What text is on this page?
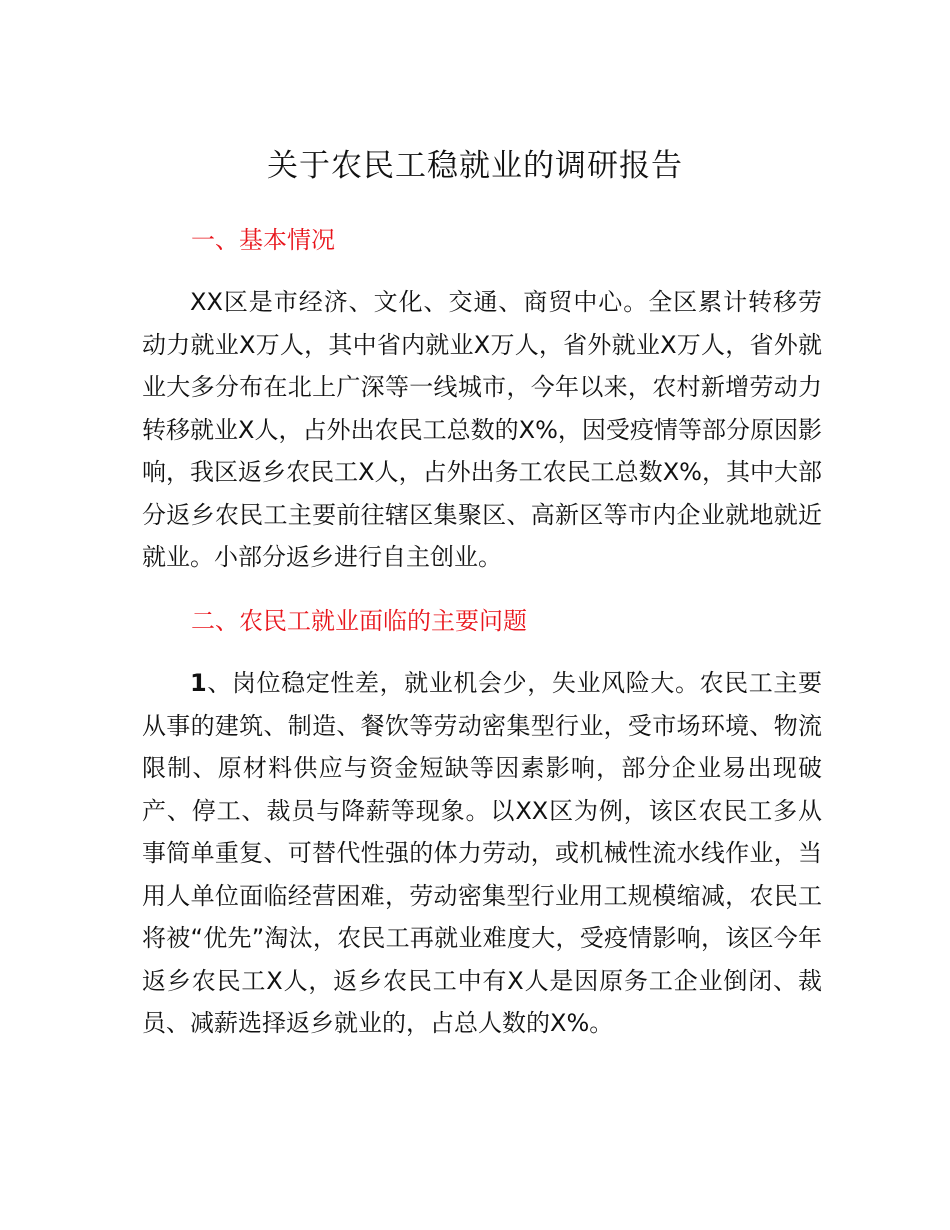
关于农民工稳就业的调研报告
一、基本情况

XX区是市经济、文化、交通、商贸中心。全区累计转移劳动力就业X万人，其中省内就业X万人，省外就业X万人，省外就业大多分布在北上广深等一线城市，今年以来，农村新增劳动力转移就业X人，占外出农民工总数的X%，因受疫情等部分原因影响，我区返乡农民工X人，占外出务工农民工总数X%，其中大部分返乡农民工主要前往辖区集聚区、高新区等市内企业就地就近就业。小部分返乡进行自主创业。

二、农民工就业面临的主要问题

1、岗位稳定性差，就业机会少，失业风险大。农民工主要从事的建筑、制造、餐饮等劳动密集型行业，受市场环境、物流限制、原材料供应与资金短缺等因素影响，部分企业易出现破产、停工、裁员与降薪等现象。以XX区为例，该区农民工多从事简单重复、可替代性强的体力劳动，或机械性流水线作业，当用人单位面临经营困难，劳动密集型行业用工规模缩减，农民工将被“优先”淘汰，农民工再就业难度大，受疫情影响，该区今年返乡农民工X人，返乡农民工中有X人是因原务工企业倒闭、裁员、减薪选择返乡就业的，占总人数的X%。
